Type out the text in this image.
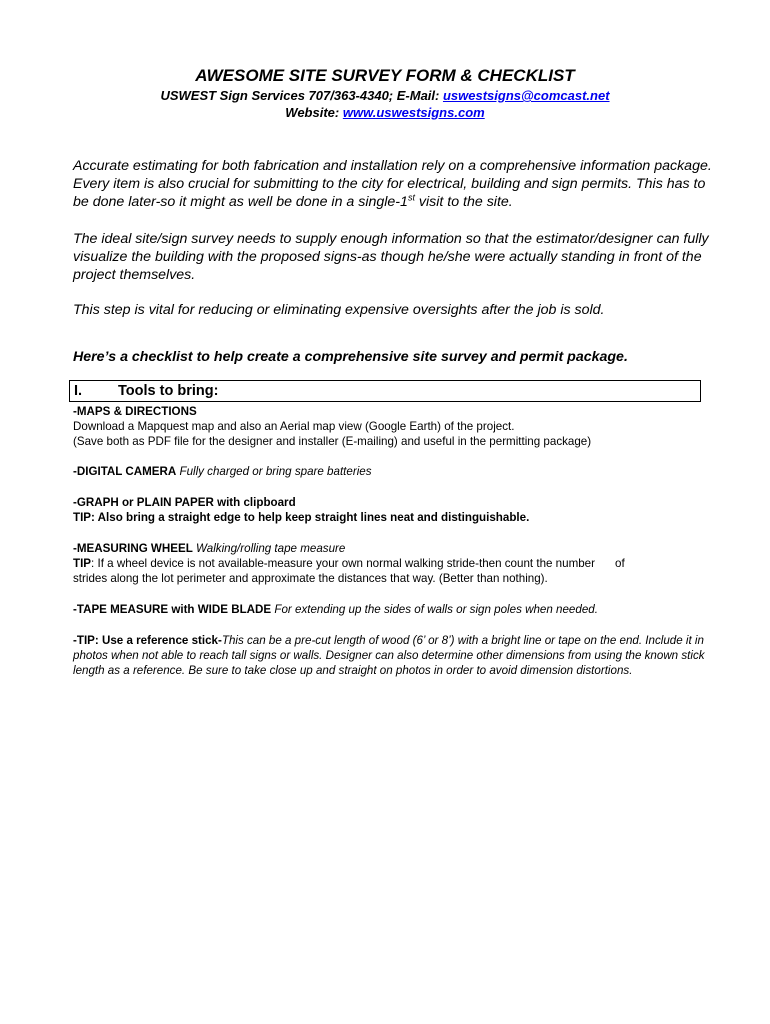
AWESOME SITE SURVEY FORM & CHECKLIST
USWEST Sign Services 707/363-4340; E-Mail: uswestsigns@comcast.net
Website: www.uswestsigns.com
Accurate estimating for both fabrication and installation rely on a comprehensive information package. Every item is also crucial for submitting to the city for electrical, building and sign permits. This has to be done later-so it might as well be done in a single-1st visit to the site.
The ideal site/sign survey needs to supply enough information so that the estimator/designer can fully visualize the building with the proposed signs-as though he/she were actually standing in front of the project themselves.
This step is vital for reducing or eliminating expensive oversights after the job is sold.
Here’s a checklist to help create a comprehensive site survey and permit package.
I. Tools to bring:
-MAPS & DIRECTIONS
Download a Mapquest map and also an Aerial map view (Google Earth) of the project.
(Save both as PDF file for the designer and installer (E-mailing) and useful in the permitting package)
-DIGITAL CAMERA Fully charged or bring spare batteries
-GRAPH or PLAIN PAPER with clipboard
TIP: Also bring a straight edge to help keep straight lines neat and distinguishable.
-MEASURING WHEEL Walking/rolling tape measure
TIP: If a wheel device is not available-measure your own normal walking stride-then count the number of
strides along the lot perimeter and approximate the distances that way. (Better than nothing).
-TAPE MEASURE with WIDE BLADE For extending up the sides of walls or sign poles when needed.
-TIP: Use a reference stick-This can be a pre-cut length of wood (6’ or 8’) with a bright line or tape on the end. Include it in photos when not able to reach tall signs or walls. Designer can also determine other dimensions from using the known stick length as a reference. Be sure to take close up and straight on photos in order to avoid dimension distortions.
